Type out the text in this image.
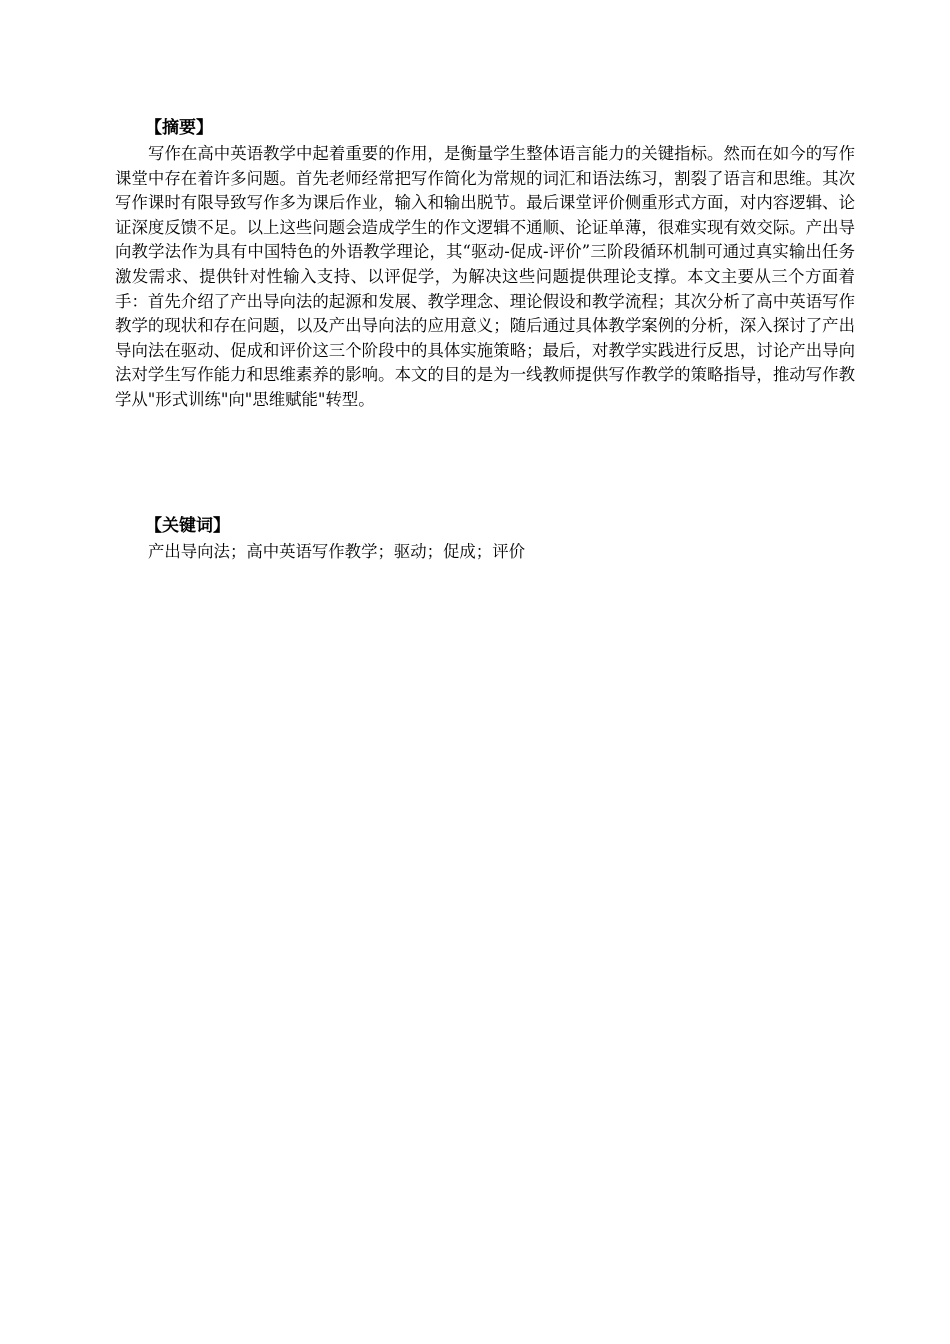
【摘要】

写作在高中英语教学中起着重要的作用，是衡量学生整体语言能力的关键指标。然而在如今的写作课堂中存在着许多问题。首先老师经常把写作简化为常规的词汇和语法练习，割裂了语言和思维。其次写作课时有限导致写作多为课后作业，输入和输出脱节。最后课堂评价侧重形式方面，对内容逻辑、论证深度反馈不足。以上这些问题会造成学生的作文逻辑不通顺、论证单薄，很难实现有效交际。产出导向教学法作为具有中国特色的外语教学理论，其“驱动-促成-评价”三阶段循环机制可通过真实输出任务激发需求、提供针对性输入支持、以评促学，为解决这些问题提供理论支撑。本文主要从三个方面着手：首先介绍了产出导向法的起源和发展、教学理念、理论假设和教学流程；其次分析了高中英语写作教学的现状和存在问题，以及产出导向法的应用意义；随后通过具体教学案例的分析，深入探讨了产出导向法在驱动、促成和评价这三个阶段中的具体实施策略；最后，对教学实践进行反思，讨论产出导向法对学生写作能力和思维素养的影响。本文的目的是为一线教师提供写作教学的策略指导，推动写作教学从"形式训练"向"思维赋能"转型。

【关键词】

产出导向法；高中英语写作教学；驱动；促成；评价
